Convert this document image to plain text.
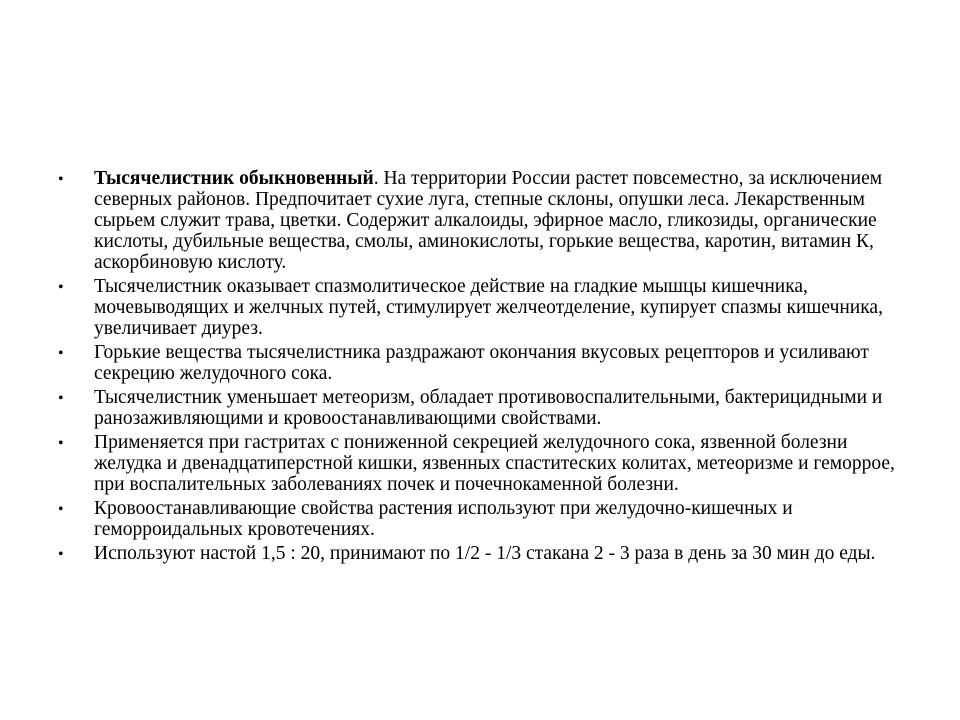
• Тысячелистник обыкновенный. На территории России растет повсеместно, за исключением северных районов. Предпочитает сухие луга, степные склоны, опушки леса. Лекарственным сырьем служит трава, цветки. Содержит алкалоиды, эфирное масло, гликозиды, органические кислоты, дубильные вещества, смолы, аминокислоты, горькие вещества, каротин, витамин К, аскорбиновую кислоту.
• Тысячелистник оказывает спазмолитическое действие на гладкие мышцы кишечника, мочевыводящих и желчных путей, стимулирует желчеотделение, купирует спазмы кишечника, увеличивает диурез.
• Горькие вещества тысячелистника раздражают окончания вкусовых рецепторов и усиливают секрецию желудочного сока.
• Тысячелистник уменьшает метеоризм, обладает противовоспалительными, бактерицидными и ранозаживляющими и кровоостанавливающими свойствами.
• Применяется при гастритах с пониженной секрецией желудочного сока, язвенной болезни желудка и двенадцатиперстной кишки, язвенных спаститеских колитах, метеоризме и геморрое, при воспалительных заболеваниях почек и почечнокаменной болезни.
• Кровоостанавливающие свойства растения используют при желудочно-кишечных и геморроидальных кровотечениях.
• Используют настой 1,5 : 20, принимают по 1/2 - 1/3 стакана 2 - 3 раза в день за 30 мин до еды.
